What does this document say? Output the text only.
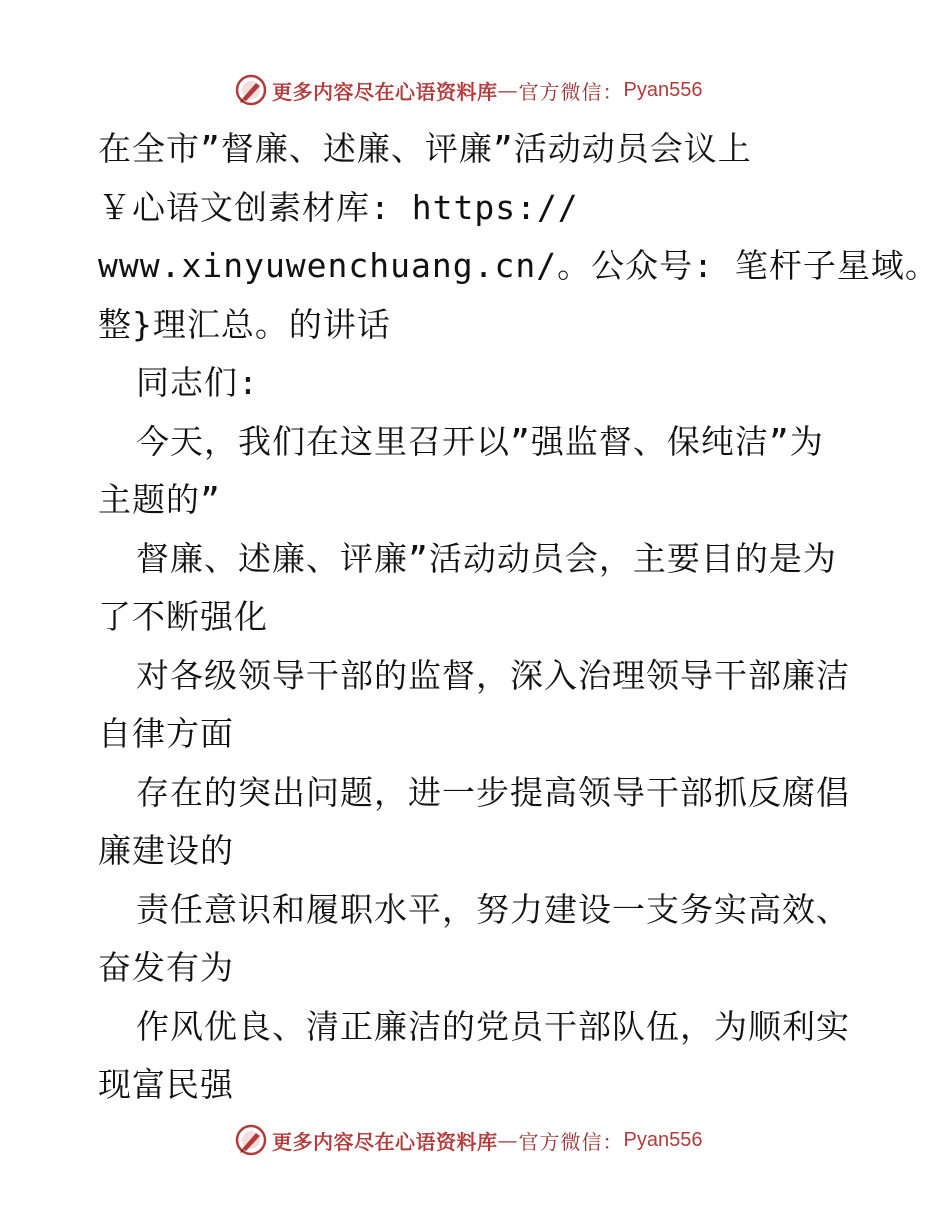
更多内容尽在心语资料库 — 官方微信： Pyan556
在全市”督廉、述廉、评廉”活动动员会议上
￥心语文创素材库: https://
www.xinyuwenchuang.cn/。公众号: 笔杆子星域。
整}理汇总。的讲话
同志们:
今天，我们在这里召开以”强监督、保纯洁”为
主题的”
督廉、述廉、评廉”活动动员会，主要目的是为
了不断强化
对各级领导干部的监督，深入治理领导干部廉洁
自律方面
存在的突出问题，进一步提高领导干部抓反腐倡
廉建设的
责任意识和履职水平，努力建设一支务实高效、
奋发有为
作风优良、清正廉洁的党员干部队伍，为顺利实
现富民强
更多内容尽在心语资料库 — 官方微信： Pyan556
